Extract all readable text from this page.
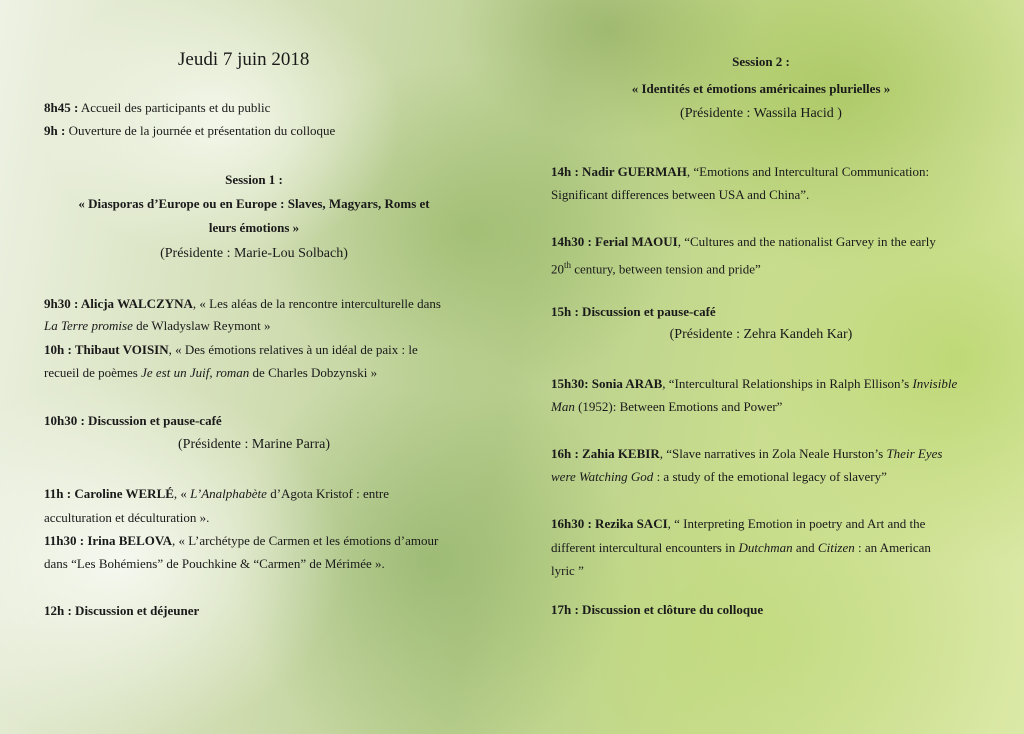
Jeudi 7 juin 2018
8h45 : Accueil des participants et du public
9h : Ouverture de la journée et présentation du colloque
Session 1 :
« Diasporas d’Europe ou en Europe : Slaves, Magyars, Roms et
leurs émotions »
(Présidente : Marie-Lou Solbach)
9h30 : Alicja WALCZYNA, « Les aléas de la rencontre interculturelle dans
La Terre promise de Wladyslaw Reymont »
10h : Thibaut VOISIN, « Des émotions relatives à un idéal de paix : le
recueil de poèmes Je est un Juif, roman de Charles Dobzynski »
10h30 : Discussion et pause-café
(Présidente : Marine Parra)
11h : Caroline WERLÉ, « L’Analphabète d’Agota Kristof : entre
acculturation et déculturation ».
11h30 : Irina BELOVA, « L’archétype de Carmen et les émotions d’amour
dans “Les Bohémiens” de Pouchkine & “Carmen” de Mérimée ».
12h : Discussion et déjeuner
Session 2 :
« Identités et émotions américaines plurielles »
(Présidente : Wassila Hacid )
14h : Nadir GUERMAH, “Emotions and Intercultural Communication:
Significant differences between USA and China”.
14h30 : Ferial MAOUI, “Cultures and the nationalist Garvey in the early
20th century, between tension and pride”
15h : Discussion et pause-café
(Présidente : Zehra Kandeh Kar)
15h30: Sonia ARAB, “Intercultural Relationships in Ralph Ellison’s Invisible
Man (1952): Between Emotions and Power”
16h : Zahia KEBIR, “Slave narratives in Zola Neale Hurston’s Their Eyes
were Watching God : a study of the emotional legacy of slavery”
16h30 : Rezika SACI, “ Interpreting Emotion in poetry and Art and the
different intercultural encounters in Dutchman and Citizen : an American
lyric ”
17h : Discussion et clôture du colloque
